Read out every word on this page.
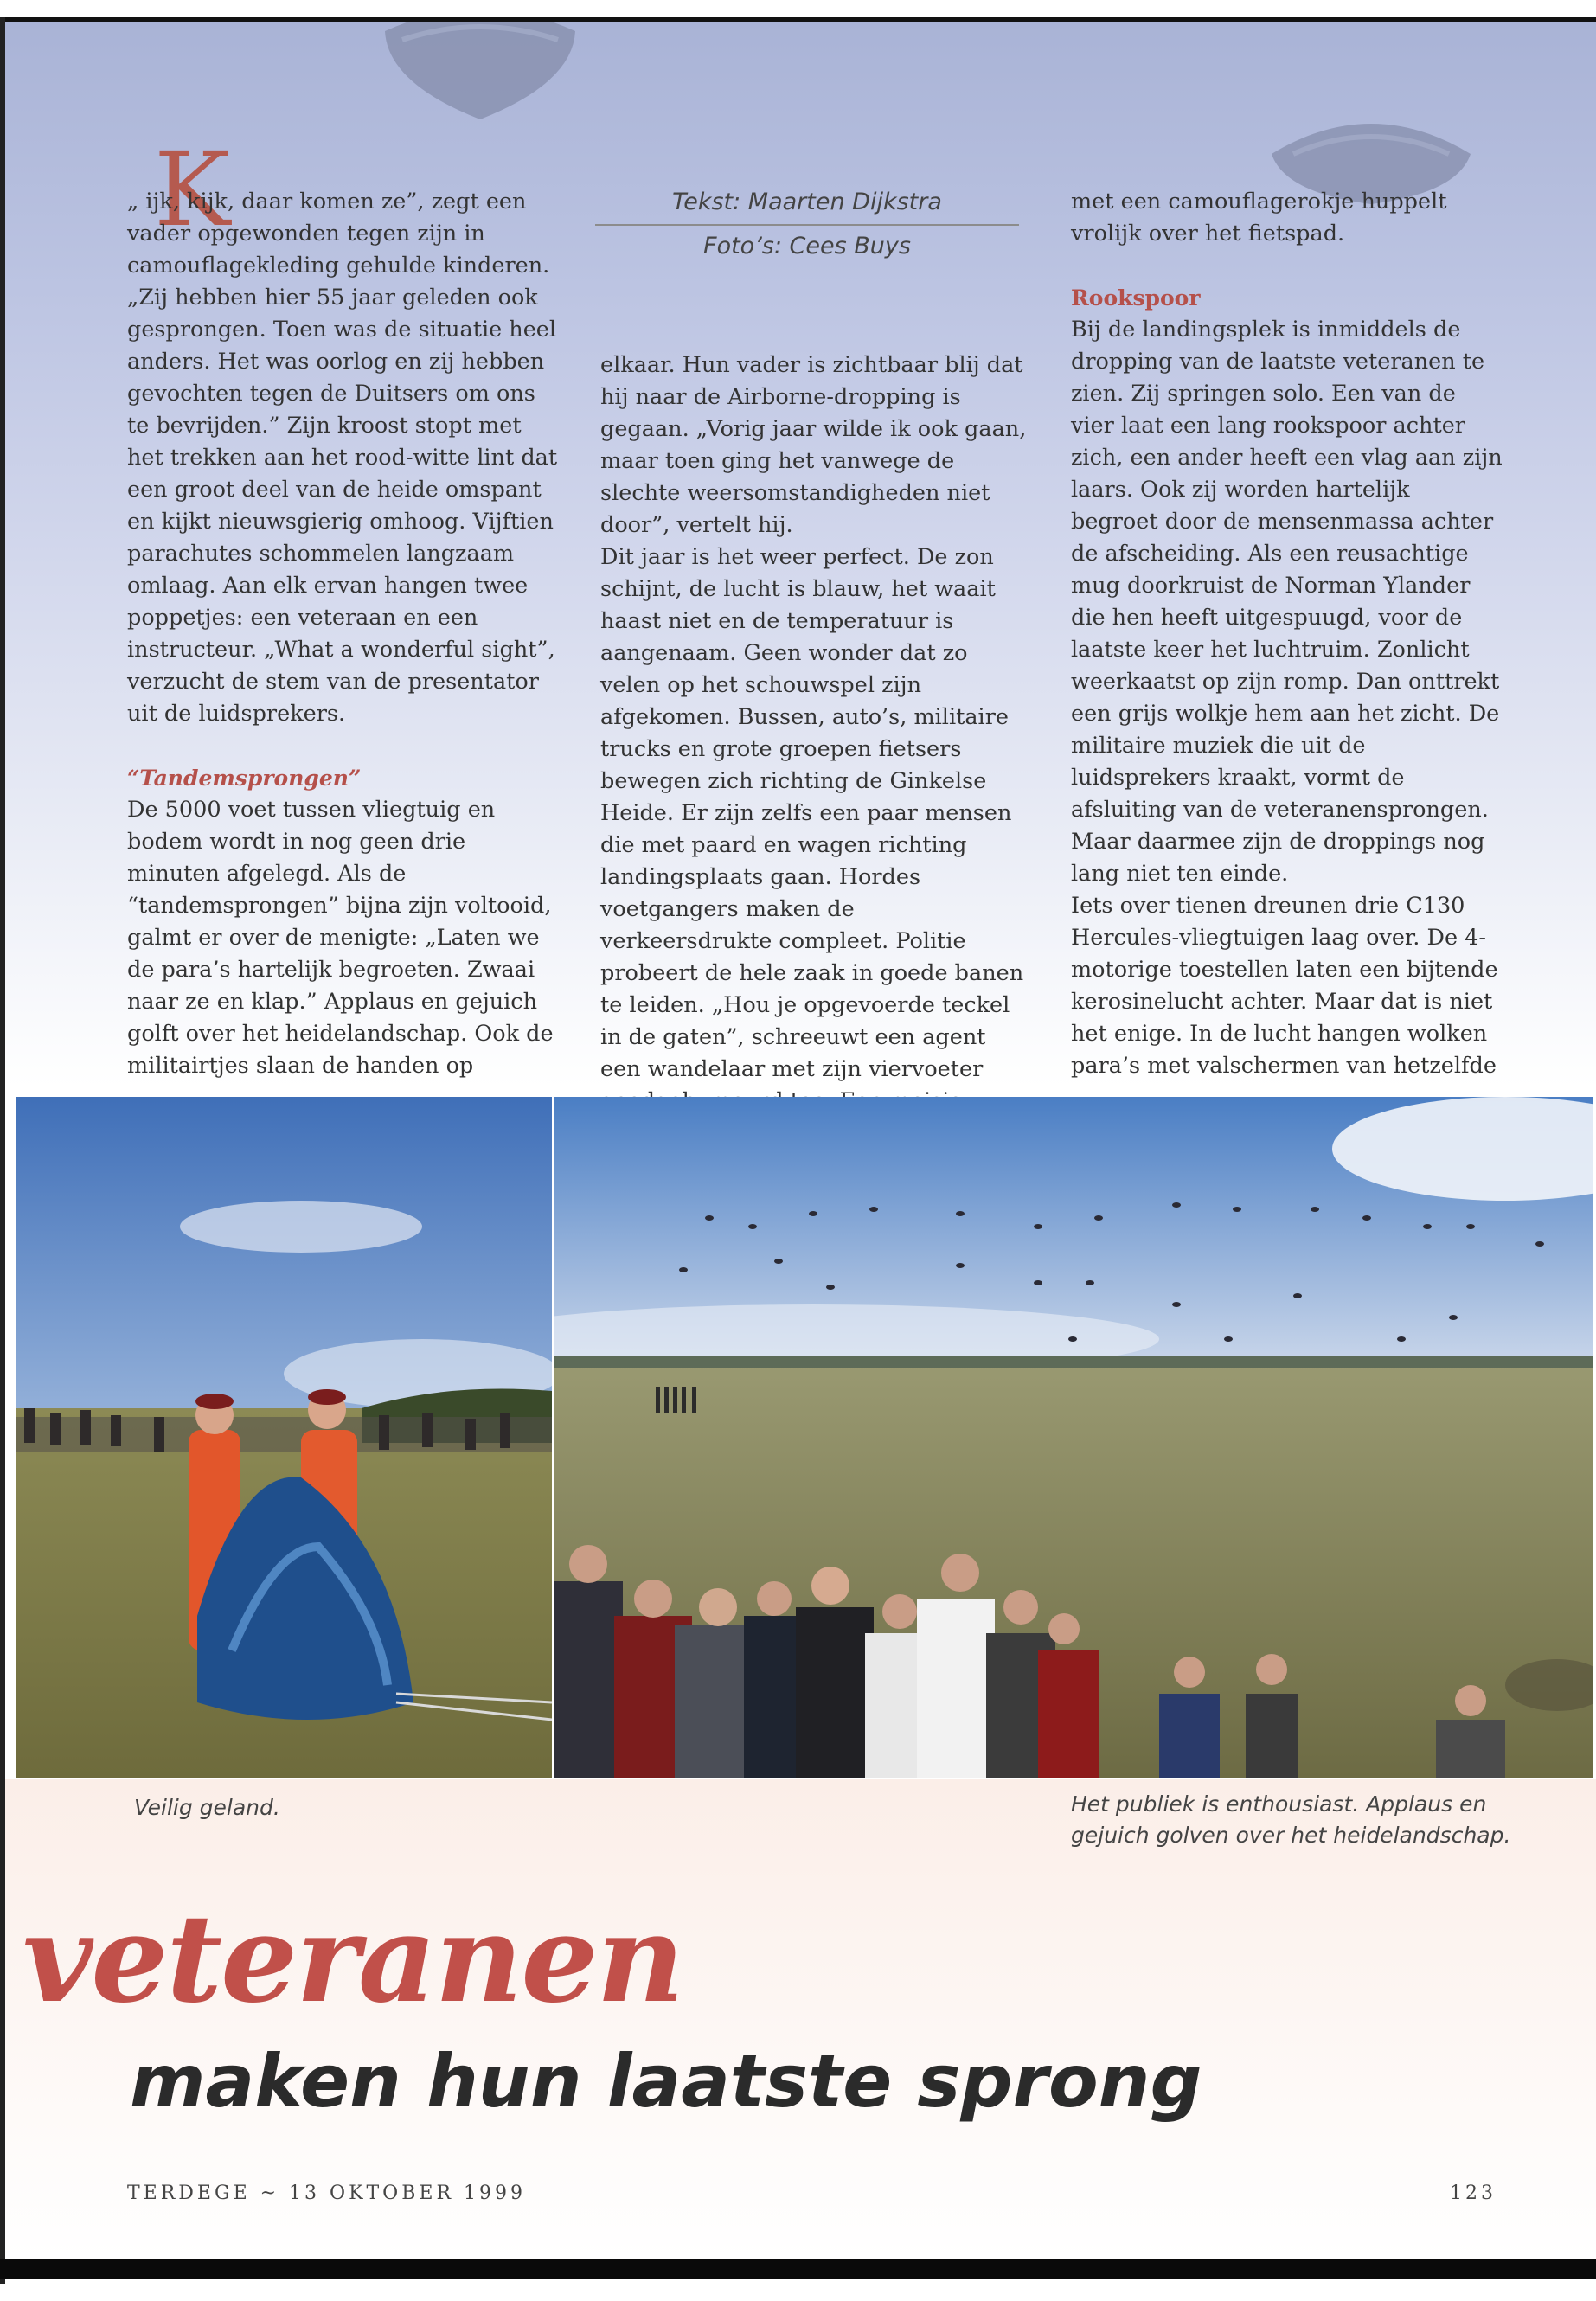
K

„ ijk, kijk, daar komen ze”, zegt een vader opgewonden tegen zijn in camouflagekleding gehulde kinderen. „Zij hebben hier 55 jaar geleden ook gesprongen. Toen was de situatie heel anders. Het was oorlog en zij hebben gevochten tegen de Duitsers om ons te bevrijden.” Zijn kroost stopt met het trekken aan het rood-witte lint dat een groot deel van de heide omspant en kijkt nieuwsgierig omhoog. Vijftien parachutes schommelen langzaam omlaag. Aan elk ervan hangen twee poppetjes: een veteraan en een instructeur. „What a wonderful sight”, verzucht de stem van de presentator uit de luidsprekers.

“Tandemsprongen”

De 5000 voet tussen vliegtuig en bodem wordt in nog geen drie minuten afgelegd. Als de “tandemsprongen” bijna zijn voltooid, galmt er over de menigte: „Laten we de para’s hartelijk begroeten. Zwaai naar ze en klap.” Applaus en gejuich golft over het heidelandschap. Ook de militairtjes slaan de handen op

Tekst: Maarten Dijkstra
Foto’s: Cees Buys

elkaar. Hun vader is zichtbaar blij dat hij naar de Airborne-dropping is gegaan. „Vorig jaar wilde ik ook gaan, maar toen ging het vanwege de slechte weersomstandigheden niet door”, vertelt hij.

Dit jaar is het weer perfect. De zon schijnt, de lucht is blauw, het waait haast niet en de temperatuur is aangenaam. Geen wonder dat zo velen op het schouwspel zijn afgekomen. Bussen, auto’s, militaire trucks en grote groepen fietsers bewegen zich richting de Ginkelse Heide. Er zijn zelfs een paar mensen die met paard en wagen richting landingsplaats gaan. Hordes voetgangers maken de verkeersdrukte compleet. Politie probeert de hele zaak in goede banen te leiden. „Hou je opgevoerde teckel in de gaten”, schreeuwt een agent een wandelaar met zijn viervoeter

met een camouflagerokje huppelt vrolijk over het fietspad.

Rookspoor

Bij de landingsplek is inmiddels de dropping van de laatste veteranen te zien. Zij springen solo. Een van de vier laat een lang rookspoor achter zich, een ander heeft een vlag aan zijn laars. Ook zij worden hartelijk begroet door de mensenmassa achter de afscheiding. Als een reusachtige mug doorkruist de Norman Ylander die hen heeft uitgespuugd, voor de laatste keer het luchtruim. Zonlicht weerkaatst op zijn romp. Dan onttrekt een grijs wolkje hem aan het zicht. De militaire muziek die uit de luidsprekers kraakt, vormt de afsluiting van de veteranensprongen. Maar daarmee zijn de droppings nog lang niet ten einde.

Iets over tienen dreunen drie C130 Hercules-vliegtuigen laag over. De 4-motorige toestellen laten een bijtende kerosinelucht achter. Maar dat is niet het enige. In de lucht hangen wolken para’s met valschermen van hetzelfde

Veilig geland.	Het publiek is enthousiast. Applaus en gejuich golven over het heidelandschap.
veteranen
maken hun laatste sprong
TERDEGE ~ 13 OKTOBER 1999	123
